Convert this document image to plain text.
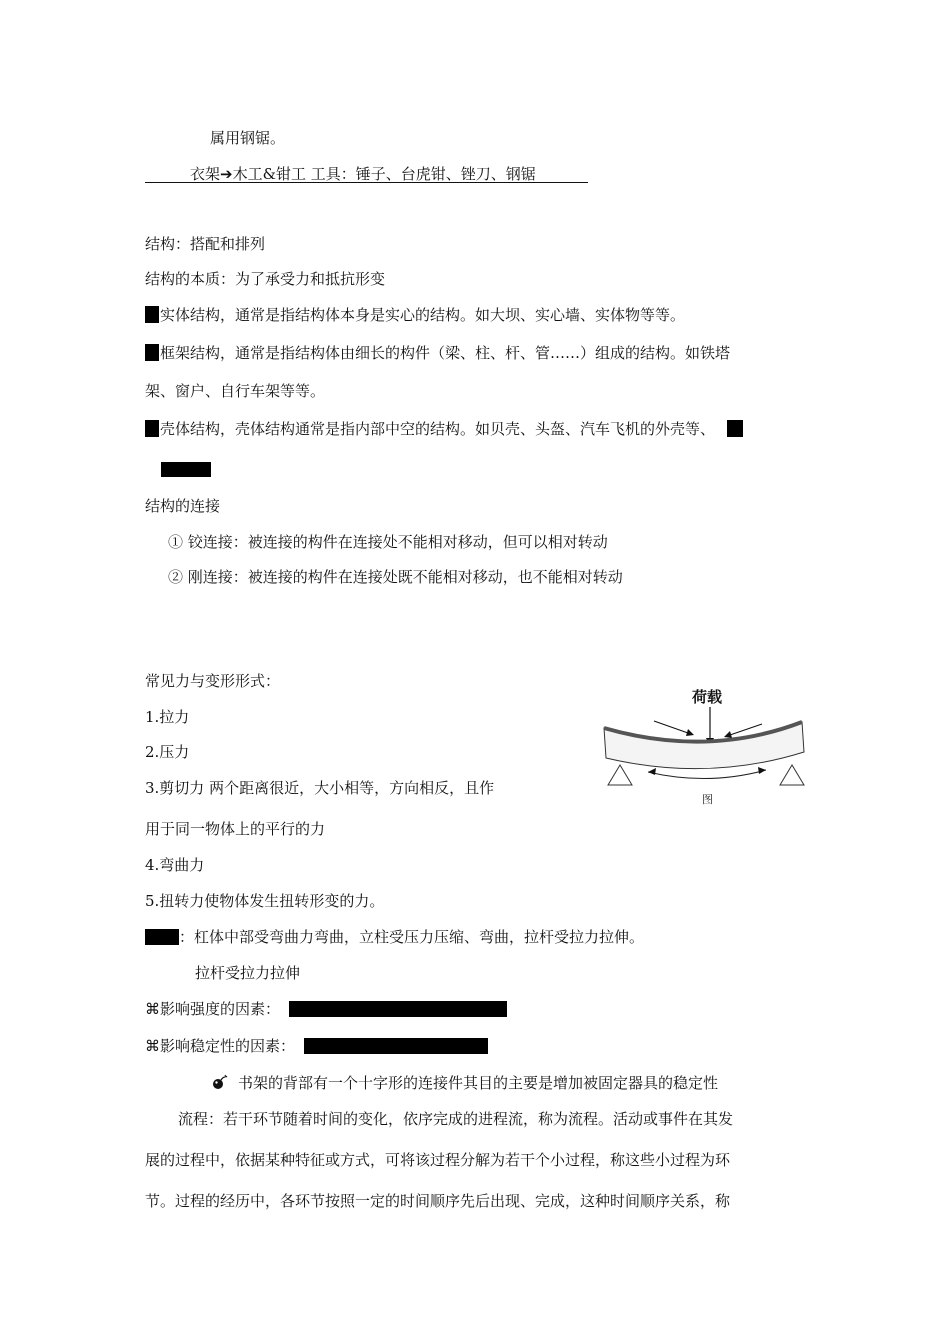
属用钢锯。
衣架➔木工&钳工 工具：锤子、台虎钳、锉刀、钢锯
结构：搭配和排列
结构的本质：为了承受力和抵抗形变
实体结构，通常是指结构体本身是实心的结构。如大坝、实心墙、实体物等等。
框架结构，通常是指结构体由细长的构件（梁、柱、杆、管……）组成的结构。如铁塔
架、窗户、自行车架等等。
壳体结构，壳体结构通常是指内部中空的结构。如贝壳、头盔、汽车飞机的外壳等、
结构的连接
① 铰连接：被连接的构件在连接处不能相对移动，但可以相对转动
② 刚连接：被连接的构件在连接处既不能相对移动，也不能相对转动
常见力与变形形式：
1.拉力
2.压力
3.剪切力 两个距离很近，大小相等，方向相反，且作
用于同一物体上的平行的力
4.弯曲力
5.扭转力使物体发生扭转形变的力。
：杠体中部受弯曲力弯曲，立柱受压力压缩、弯曲，拉杆受拉力拉伸。
拉杆受拉力拉伸
⌘影响强度的因素：
⌘影响稳定性的因素：
书架的背部有一个十字形的连接件其目的主要是增加被固定器具的稳定性
流程：若干环节随着时间的变化，依序完成的进程流，称为流程。活动或事件在其发
展的过程中，依据某种特征或方式，可将该过程分解为若干个小过程，称这些小过程为环
节。过程的经历中，各环节按照一定的时间顺序先后出现、完成，这种时间顺序关系，称
荷载
图
